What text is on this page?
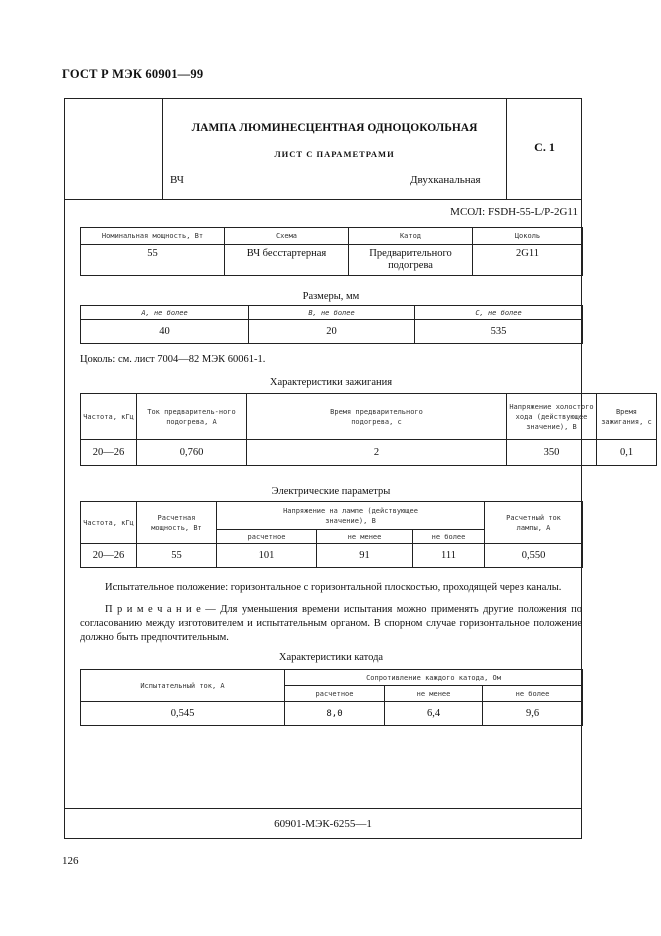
ГОСТ Р МЭК 60901—99
ЛАМПА ЛЮМИНЕСЦЕНТНАЯ ОДНОЦОКОЛЬНАЯ
ЛИСТ С ПАРАМЕТРАМИ
ВЧ	Двухканальная
С. 1
МСОЛ: FSDH-55-L/P-2G11
Номинальная мощность, Вт	Схема	Катод	Цоколь
55	ВЧ бесстартерная	Предварительного подогрева	2G11
Размеры, мм
A, не более	B, не более	C, не более
40	20	535
Цоколь: см. лист 7004—82 МЭК 60061-1.
Характеристики зажигания
Частота, кГц	Ток предваритель-ного подогрева, А	Время предварительного подогрева, с	Напряжение холостого хода (действующее значение), В	Время зажигания, с
20—26	0,760	2	350	0,1
Электрические параметры
Частота, кГц	Расчетная мощность, Вт	Напряжение на лампе (действующее значение), В			Расчетный ток лампы, А
		расчетное	не менее	не более	
20—26	55	101	91	111	0,550
Испытательное положение: горизонтальное с горизонтальной плоскостью, проходящей через каналы.
П р и м е ч а н и е — Для уменьшения времени испытания можно применять другие положения по согласованию между изготовителем и испытательным органом. В спорном случае горизонтальное положение должно быть предпочтительным.
Характеристики катода
Испытательный ток, А	Сопротивление каждого катода, Ом		
	расчетное	не менее	не более
0,545	8,0	6,4	9,6
60901-МЭК-6255—1
126
